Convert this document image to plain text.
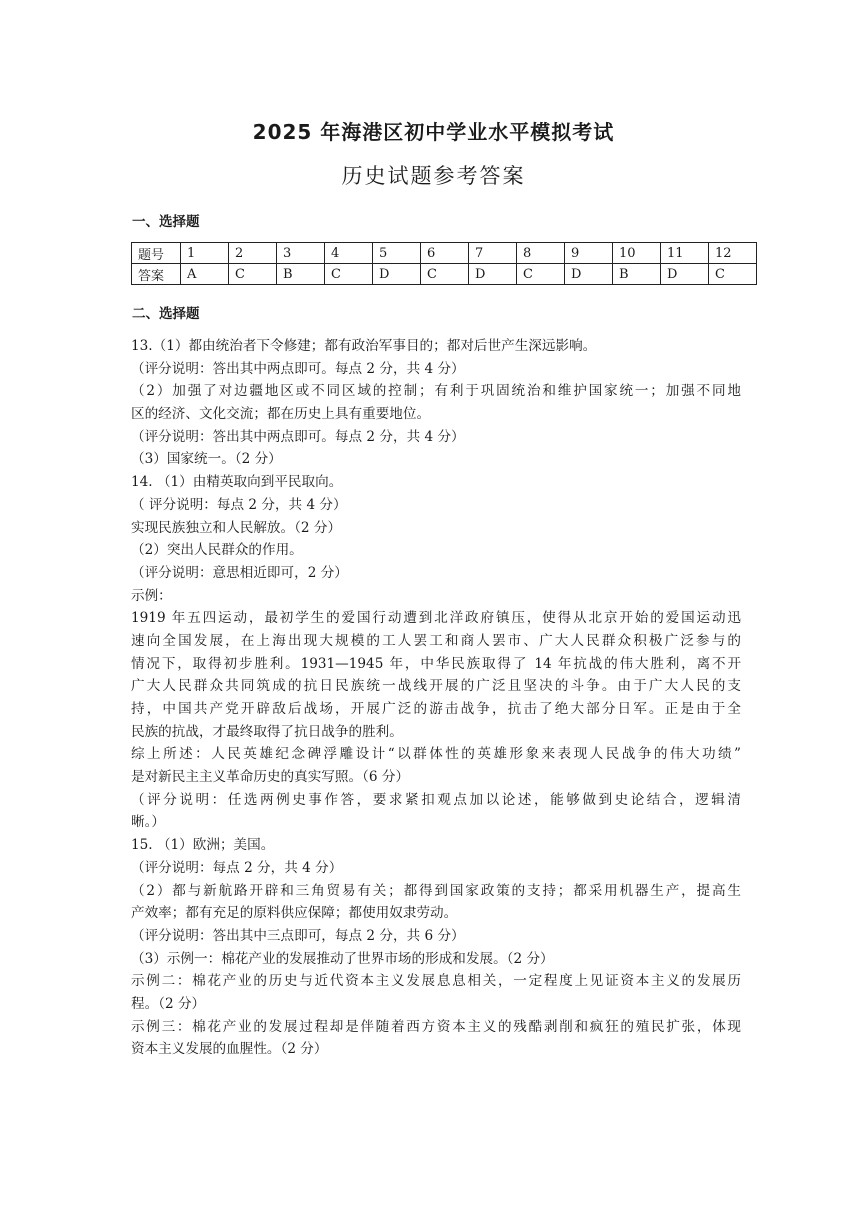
2025 年海港区初中学业水平模拟考试
历史试题参考答案
一、选择题
题号	1	2	3	4	5	6	7	8	9	10	11	12
答案	A	C	B	C	D	C	D	C	D	B	D	C
二、选择题
13.（1）都由统治者下令修建；都有政治军事目的；都对后世产生深远影响。
（评分说明：答出其中两点即可。每点 2 分，共 4 分）
（2）加强了对边疆地区或不同区域的控制；有利于巩固统治和维护国家统一；加强不同地
区的经济、文化交流；都在历史上具有重要地位。
（评分说明：答出其中两点即可。每点 2 分，共 4 分）
（3）国家统一。（2 分）
14. （1）由精英取向到平民取向。
（ 评分说明：每点 2 分，共 4 分）
实现民族独立和人民解放。（2 分）
（2）突出人民群众的作用。
（评分说明：意思相近即可，2 分）
示例：
1919 年五四运动，最初学生的爱国行动遭到北洋政府镇压，使得从北京开始的爱国运动迅
速向全国发展，在上海出现大规模的工人罢工和商人罢市、广大人民群众积极广泛参与的
情况下，取得初步胜利。1931—1945 年，中华民族取得了 14 年抗战的伟大胜利，离不开
广大人民群众共同筑成的抗日民族统一战线开展的广泛且坚决的斗争。由于广大人民的支
持，中国共产党开辟敌后战场，开展广泛的游击战争，抗击了绝大部分日军。正是由于全
民族的抗战，才最终取得了抗日战争的胜利。
综上所述：人民英雄纪念碑浮雕设计“以群体性的英雄形象来表现人民战争的伟大功绩”
是对新民主主义革命历史的真实写照。（6 分）
（评分说明：任选两例史事作答，要求紧扣观点加以论述，能够做到史论结合，逻辑清
晰。）
15. （1）欧洲；美国。
（评分说明：每点 2 分，共 4 分）
（2）都与新航路开辟和三角贸易有关；都得到国家政策的支持；都采用机器生产，提高生
产效率；都有充足的原料供应保障；都使用奴隶劳动。
（评分说明：答出其中三点即可，每点 2 分，共 6 分）
（3）示例一：棉花产业的发展推动了世界市场的形成和发展。（2 分）
示例二：棉花产业的历史与近代资本主义发展息息相关，一定程度上见证资本主义的发展历
程。（2 分）
示例三：棉花产业的发展过程却是伴随着西方资本主义的残酷剥削和疯狂的殖民扩张，体现
资本主义发展的血腥性。（2 分）
